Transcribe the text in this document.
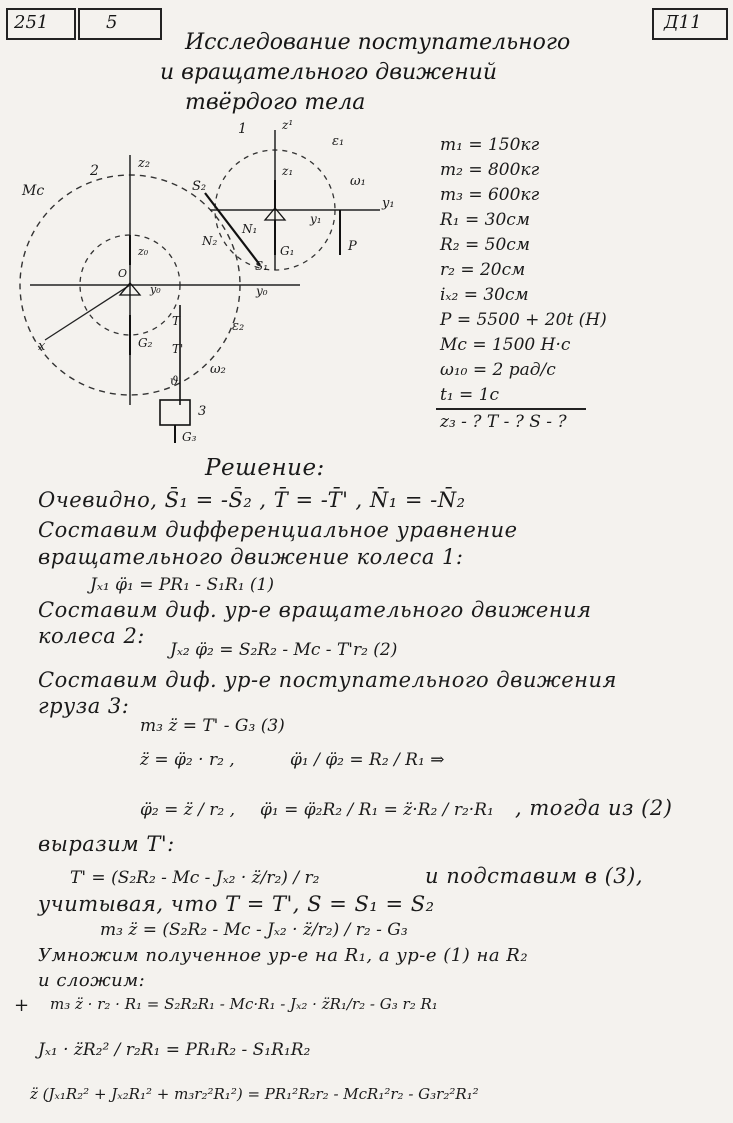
251	5	Д11
Исследование поступательного
и вращательного движений
твёрдого тела
Mc
2	z₂
S₂
1	z¹
ε₁
z₁
ω₁
y₁
y₁
N₁
N₂
G₁	P
S₁
z₀
O
y₀	y₀
T	ε₂
x	G₂ T'
ω₂
ϑ
3
G₃
m₁ = 150кг
m₂ = 800кг
m₃ = 600кг
R₁ = 30см
R₂ = 50см
r₂ = 20см
iₓ₂ = 30см
P = 5500 + 20t (Н)
Mc = 1500 Н·с
ω₁₀ = 2 рад/с
t₁ = 1с
z₃ - ? T - ? S - ?
Решение:
Очевидно, S̄₁ = -S̄₂ , T̄ = -T̄' , N̄₁ = -N̄₂
Составим дифференциальное уравнение
вращательного движение колеса 1:
Jₓ₁ φ̈₁ = PR₁ - S₁R₁ (1)
Составим диф. ур-е вращательного движения
колеса 2:
Jₓ₂ φ̈₂ = S₂R₂ - Mc - T'r₂ (2)
Составим диф. ур-е поступательного движения
груза 3:
m₃ z̈ = T' - G₃ (3)
z̈ = φ̈₂ · r₂ ,	φ̈₁ / φ̈₂ = R₂ / R₁ ⇒
φ̈₂ = z̈ / r₂ , φ̈₁ = φ̈₂R₂ / R₁ = z̈·R₂ / r₂·R₁ , тогда из (2)
выразим T':
T' = (S₂R₂ - Mc - Jₓ₂ · z̈/r₂) / r₂	и подставим в (3),
учитывая, что T = T', S = S₁ = S₂
m₃ z̈ = (S₂R₂ - Mc - Jₓ₂ · z̈/r₂) / r₂ - G₃
Умножим полученное ур-е на R₁, а ур-е (1) на R₂
и сложим:
+ m₃ z̈ · r₂ · R₁ = S₂R₂R₁ - Mc·R₁ - Jₓ₂ · z̈R₁/r₂ - G₃ r₂ R₁
Jₓ₁ · z̈R₂² / r₂R₁ = PR₁R₂ - S₁R₁R₂
z̈ (Jₓ₁R₂² + Jₓ₂R₁² + m₃r₂²R₁²) = PR₁²R₂r₂ - McR₁²r₂ - G₃r₂²R₁²
